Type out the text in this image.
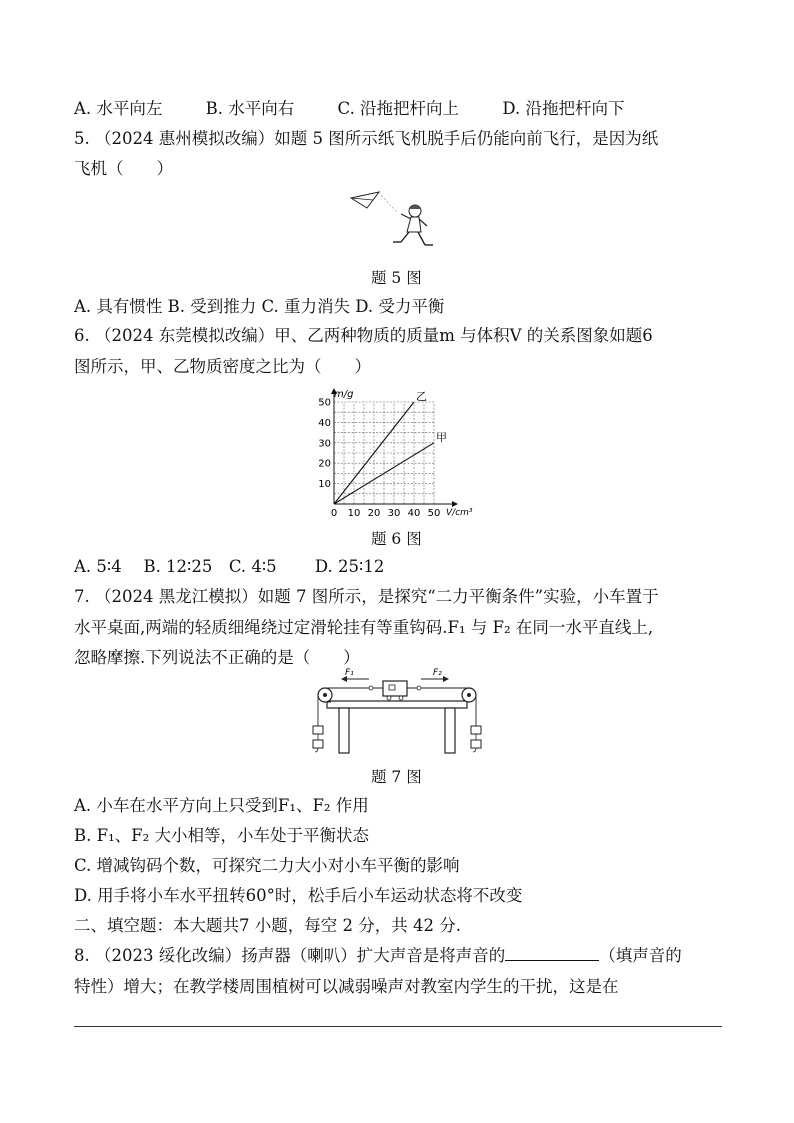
A. 水平向左	B. 水平向右	C. 沿拖把杆向上	D. 沿拖把杆向下
5. （2024 惠州模拟改编）如题 5 图所示纸飞机脱手后仍能向前飞行，是因为纸
飞机（　　）
题 5 图
A. 具有惯性 B. 受到推力 C. 重力消失 D. 受力平衡
6. （2024 东莞模拟改编）甲、乙两种物质的质量m 与体积V 的关系图象如题6
图所示，甲、乙物质密度之比为（　　）
0 10 20 30 40 50
10
20
30
40
50	乙
甲
m/g
V/cm³
题 6 图
A. 5∶4　 B. 12∶25　C. 4∶5　　 D. 25∶12
7. （2024 黑龙江模拟）如题 7 图所示，是探究“二力平衡条件”实验，小车置于
水平桌面,两端的轻质细绳绕过定滑轮挂有等重钩码.F₁ 与 F₂ 在同一水平直线上,
忽略摩擦.下列说法不正确的是（　　）
F₁	F₂
题 7 图
A. 小车在水平方向上只受到F₁、F₂ 作用
B. F₁、F₂ 大小相等，小车处于平衡状态
C. 增减钩码个数，可探究二力大小对小车平衡的影响
D. 用手将小车水平扭转60°时，松手后小车运动状态将不改变
二、填空题：本大题共7 小题，每空 2 分，共 42 分.
8. （2023 绥化改编）扬声器（喇叭）扩大声音是将声音的	（填声音的
特性）增大；在教学楼周围植树可以减弱噪声对教室内学生的干扰，这是在
